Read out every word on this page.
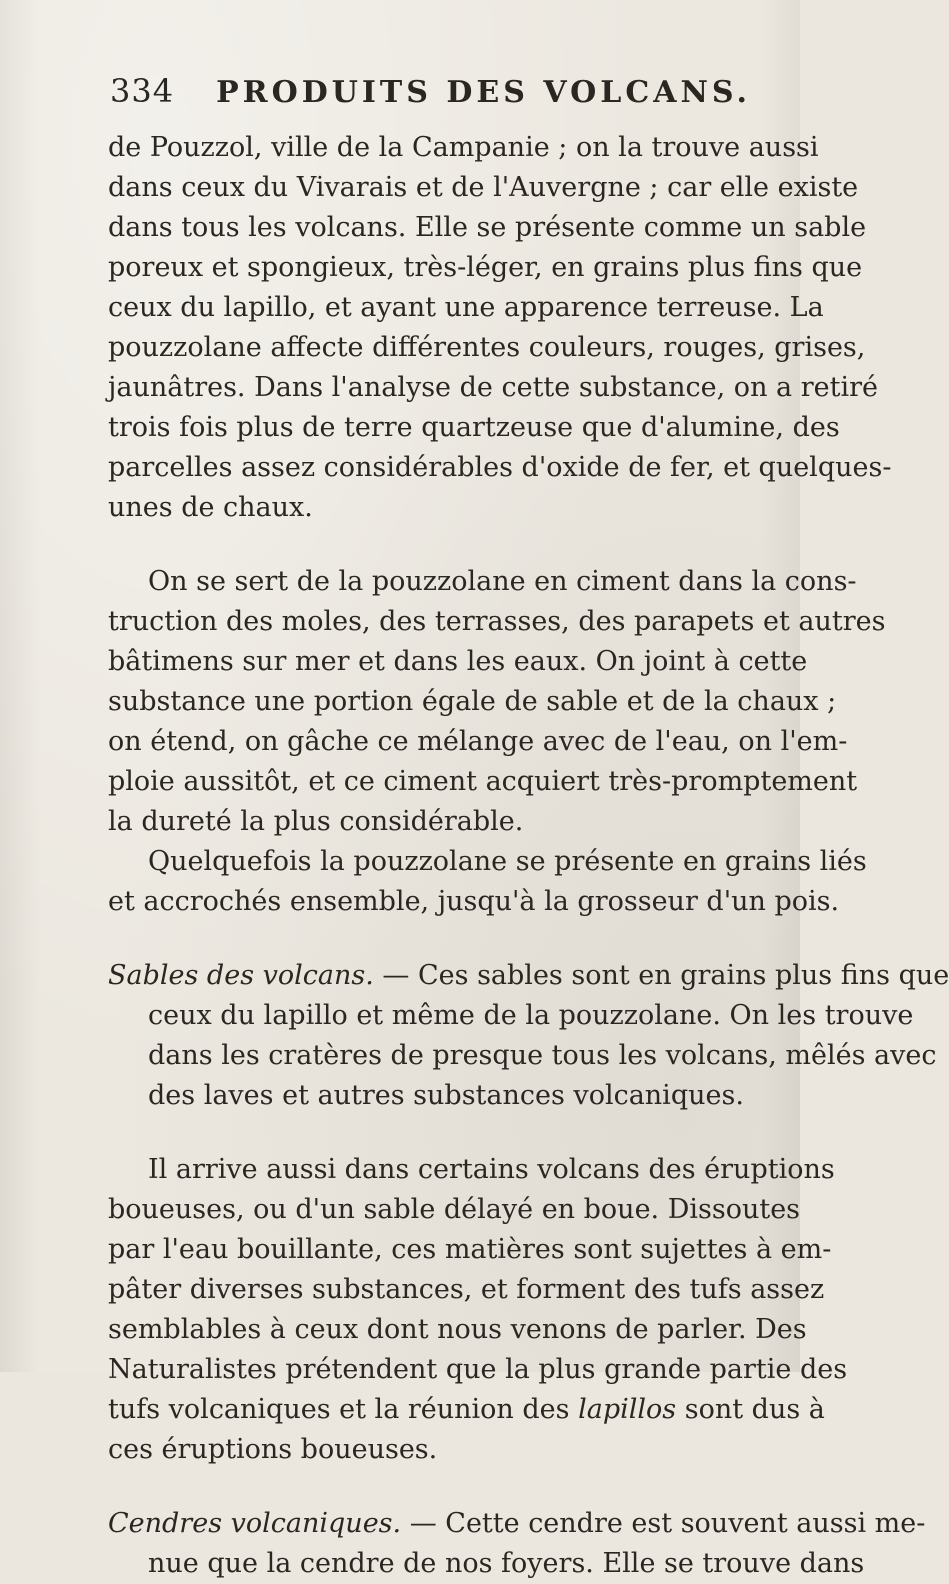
334 PRODUITS DES VOLCANS.
de Pouzzol, ville de la Campanie ; on la trouve aussi
dans ceux du Vivarais et de l'Auvergne ; car elle existe
dans tous les volcans. Elle se présente comme un sable
poreux et spongieux, très-léger, en grains plus fins que
ceux du lapillo, et ayant une apparence terreuse. La
pouzzolane affecte différentes couleurs, rouges, grises,
jaunâtres. Dans l'analyse de cette substance, on a retiré
trois fois plus de terre quartzeuse que d'alumine, des
parcelles assez considérables d'oxide de fer, et quelques-
unes de chaux.
On se sert de la pouzzolane en ciment dans la cons-
truction des moles, des terrasses, des parapets et autres
bâtimens sur mer et dans les eaux. On joint à cette
substance une portion égale de sable et de la chaux ;
on étend, on gâche ce mélange avec de l'eau, on l'em-
ploie aussitôt, et ce ciment acquiert très-promptement
la dureté la plus considérable.
Quelquefois la pouzzolane se présente en grains liés
et accrochés ensemble, jusqu'à la grosseur d'un pois.
Sables des volcans. — Ces sables sont en grains plus fins que
ceux du lapillo et même de la pouzzolane. On les trouve
dans les cratères de presque tous les volcans, mêlés avec
des laves et autres substances volcaniques.
Il arrive aussi dans certains volcans des éruptions
boueuses, ou d'un sable délayé en boue. Dissoutes
par l'eau bouillante, ces matières sont sujettes à em-
pâter diverses substances, et forment des tufs assez
semblables à ceux dont nous venons de parler. Des
Naturalistes prétendent que la plus grande partie des
tufs volcaniques et la réunion des lapillos sont dus à
ces éruptions boueuses.
Cendres volcaniques. — Cette cendre est souvent aussi me-
nue que la cendre de nos foyers. Elle se trouve dans
